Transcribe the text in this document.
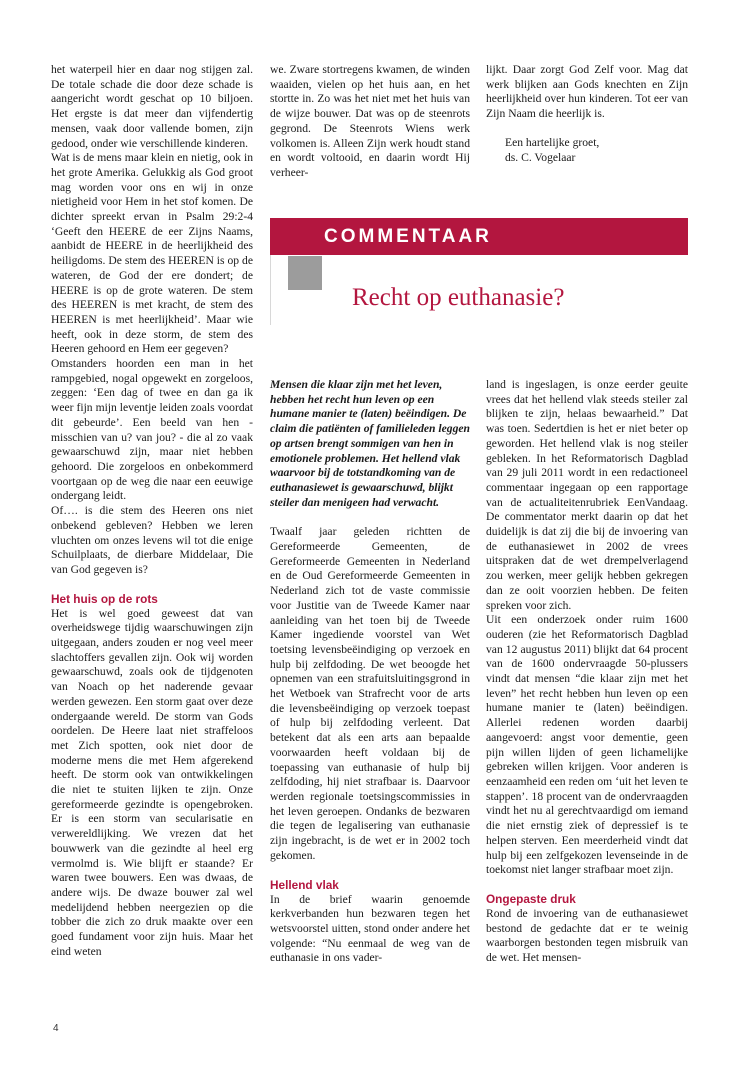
het waterpeil hier en daar nog stijgen zal. De totale schade die door deze schade is aangericht wordt geschat op 10 biljoen. Het ergste is dat meer dan vijfendertig mensen, vaak door vallende bomen, zijn gedood, onder wie verschillende kinderen.

Wat is de mens maar klein en nietig, ook in het grote Amerika. Gelukkig als God groot mag worden voor ons en wij in onze nietigheid voor Hem in het stof komen. De dichter spreekt ervan in Psalm 29:2-4 ‘Geeft den HEERE de eer Zijns Naams, aanbidt de HEERE in de heerlijkheid des heiligdoms. De stem des HEEREN is op de wateren, de God der ere dondert; de HEERE is op de grote wateren. De stem des HEEREN is met kracht, de stem des HEEREN is met heerlijkheid’. Maar wie heeft, ook in deze storm, de stem des Heeren gehoord en Hem eer gegeven?

Omstanders hoorden een man in het rampgebied, nogal opgewekt en zorgeloos, zeggen: ‘Een dag of twee en dan ga ik weer fijn mijn leventje leiden zoals voordat dit gebeurde’. Een beeld van hen - misschien van u? van jou? - die al zo vaak gewaarschuwd zijn, maar niet hebben gehoord. Die zorgeloos en onbekommerd voortgaan op de weg die naar een eeuwige ondergang leidt.

Of…. is die stem des Heeren ons niet onbekend gebleven? Hebben we leren vluchten om onzes levens wil tot die enige Schuilplaats, de dierbare Middelaar, Die van God gegeven is?

Het huis op de rots

Het is wel goed geweest dat van overheidswege tijdig waarschuwingen zijn uitgegaan, anders zouden er nog veel meer slachtoffers gevallen zijn. Ook wij worden gewaarschuwd, zoals ook de tijdgenoten van Noach op het naderende gevaar werden gewezen. Een storm gaat over deze ondergaande wereld. De storm van Gods oordelen. De Heere laat niet straffeloos met Zich spotten, ook niet door de moderne mens die met Hem afgerekend heeft. De storm ook van ontwikkelingen die niet te stuiten lijken te zijn. Onze gereformeerde gezindte is opengebroken. Er is een storm van secularisatie en verwereldlijking. We vrezen dat het bouwwerk van die gezindte al heel erg vermolmd is. Wie blijft er staande? Er waren twee bouwers. Een was dwaas, de andere wijs. De dwaze bouwer zal wel medelijdend hebben neergezien op die tobber die zich zo druk maakte over een goed fundament voor zijn huis. Maar het eind weten

we. Zware stortregens kwamen, de winden waaiden, vielen op het huis aan, en het stortte in. Zo was het niet met het huis van de wijze bouwer. Dat was op de steenrots gegrond. De Steenrots Wiens werk volkomen is. Alleen Zijn werk houdt stand en wordt voltooid, en daarin wordt Hij verheer-

lijkt. Daar zorgt God Zelf voor. Mag dat werk blijken aan Gods knechten en Zijn heerlijkheid over hun kinderen. Tot eer van Zijn Naam die heerlijk is.

Een hartelijke groet,

ds. C. Vogelaar

COMMENTAAR
Recht op euthanasie?

Mensen die klaar zijn met het leven, hebben het recht hun leven op een humane manier te (laten) beëindigen. De claim die patiënten of familieleden leggen op artsen brengt sommigen van hen in emotionele problemen. Het hellend vlak waarvoor bij de totstandkoming van de euthanasiewet is gewaarschuwd, blijkt steiler dan menigeen had verwacht.

Twaalf jaar geleden richtten de Gereformeerde Gemeenten, de Gereformeerde Gemeenten in Nederland en de Oud Gereformeerde Gemeenten in Nederland zich tot de vaste commissie voor Justitie van de Tweede Kamer naar aanleiding van het toen bij de Tweede Kamer ingediende voorstel van Wet toetsing levensbeëindiging op verzoek en hulp bij zelfdoding. De wet beoogde het opnemen van een strafuitsluitingsgrond in het Wetboek van Strafrecht voor de arts die levensbeëindiging op verzoek toepast of hulp bij zelfdoding verleent. Dat betekent dat als een arts aan bepaalde voorwaarden heeft voldaan bij de toepassing van euthanasie of hulp bij zelfdoding, hij niet strafbaar is. Daarvoor werden regionale toetsingscommissies in het leven geroepen. Ondanks de bezwaren die tegen de legalisering van euthanasie zijn ingebracht, is de wet er in 2002 toch gekomen.

Hellend vlak

In de brief waarin genoemde kerkverbanden hun bezwaren tegen het wetsvoorstel uitten, stond onder andere het volgende: “Nu eenmaal de weg van de euthanasie in ons vader-

land is ingeslagen, is onze eerder geuite vrees dat het hellend vlak steeds steiler zal blijken te zijn, helaas bewaarheid.” Dat was toen. Sedertdien is het er niet beter op geworden. Het hellend vlak is nog steiler gebleken. In het Reformatorisch Dagblad van 29 juli 2011 wordt in een redactioneel commentaar ingegaan op een rapportage van de actualiteitenrubriek EenVandaag. De commentator merkt daarin op dat het duidelijk is dat zij die bij de invoering van de euthanasiewet in 2002 de vrees uitspraken dat de wet drempelverlagend zou werken, meer gelijk hebben gekregen dan ze ooit voorzien hebben. De feiten spreken voor zich.

Uit een onderzoek onder ruim 1600 ouderen (zie het Reformatorisch Dagblad van 12 augustus 2011) blijkt dat 64 procent van de 1600 ondervraagde 50-plussers vindt dat mensen “die klaar zijn met het leven” het recht hebben hun leven op een humane manier te (laten) beëindigen. Allerlei redenen worden daarbij aangevoerd: angst voor dementie, geen pijn willen lijden of geen lichamelijke gebreken willen krijgen. Voor anderen is eenzaamheid een reden om ‘uit het leven te stappen’. 18 procent van de ondervraagden vindt het nu al gerechtvaardigd om iemand die niet ernstig ziek of depressief is te helpen sterven. Een meerderheid vindt dat hulp bij een zelfgekozen levenseinde in de toekomst niet langer strafbaar moet zijn.

Ongepaste druk

Rond de invoering van de euthanasiewet bestond de gedachte dat er te weinig waarborgen bestonden tegen misbruik van de wet. Het mensen-

4
